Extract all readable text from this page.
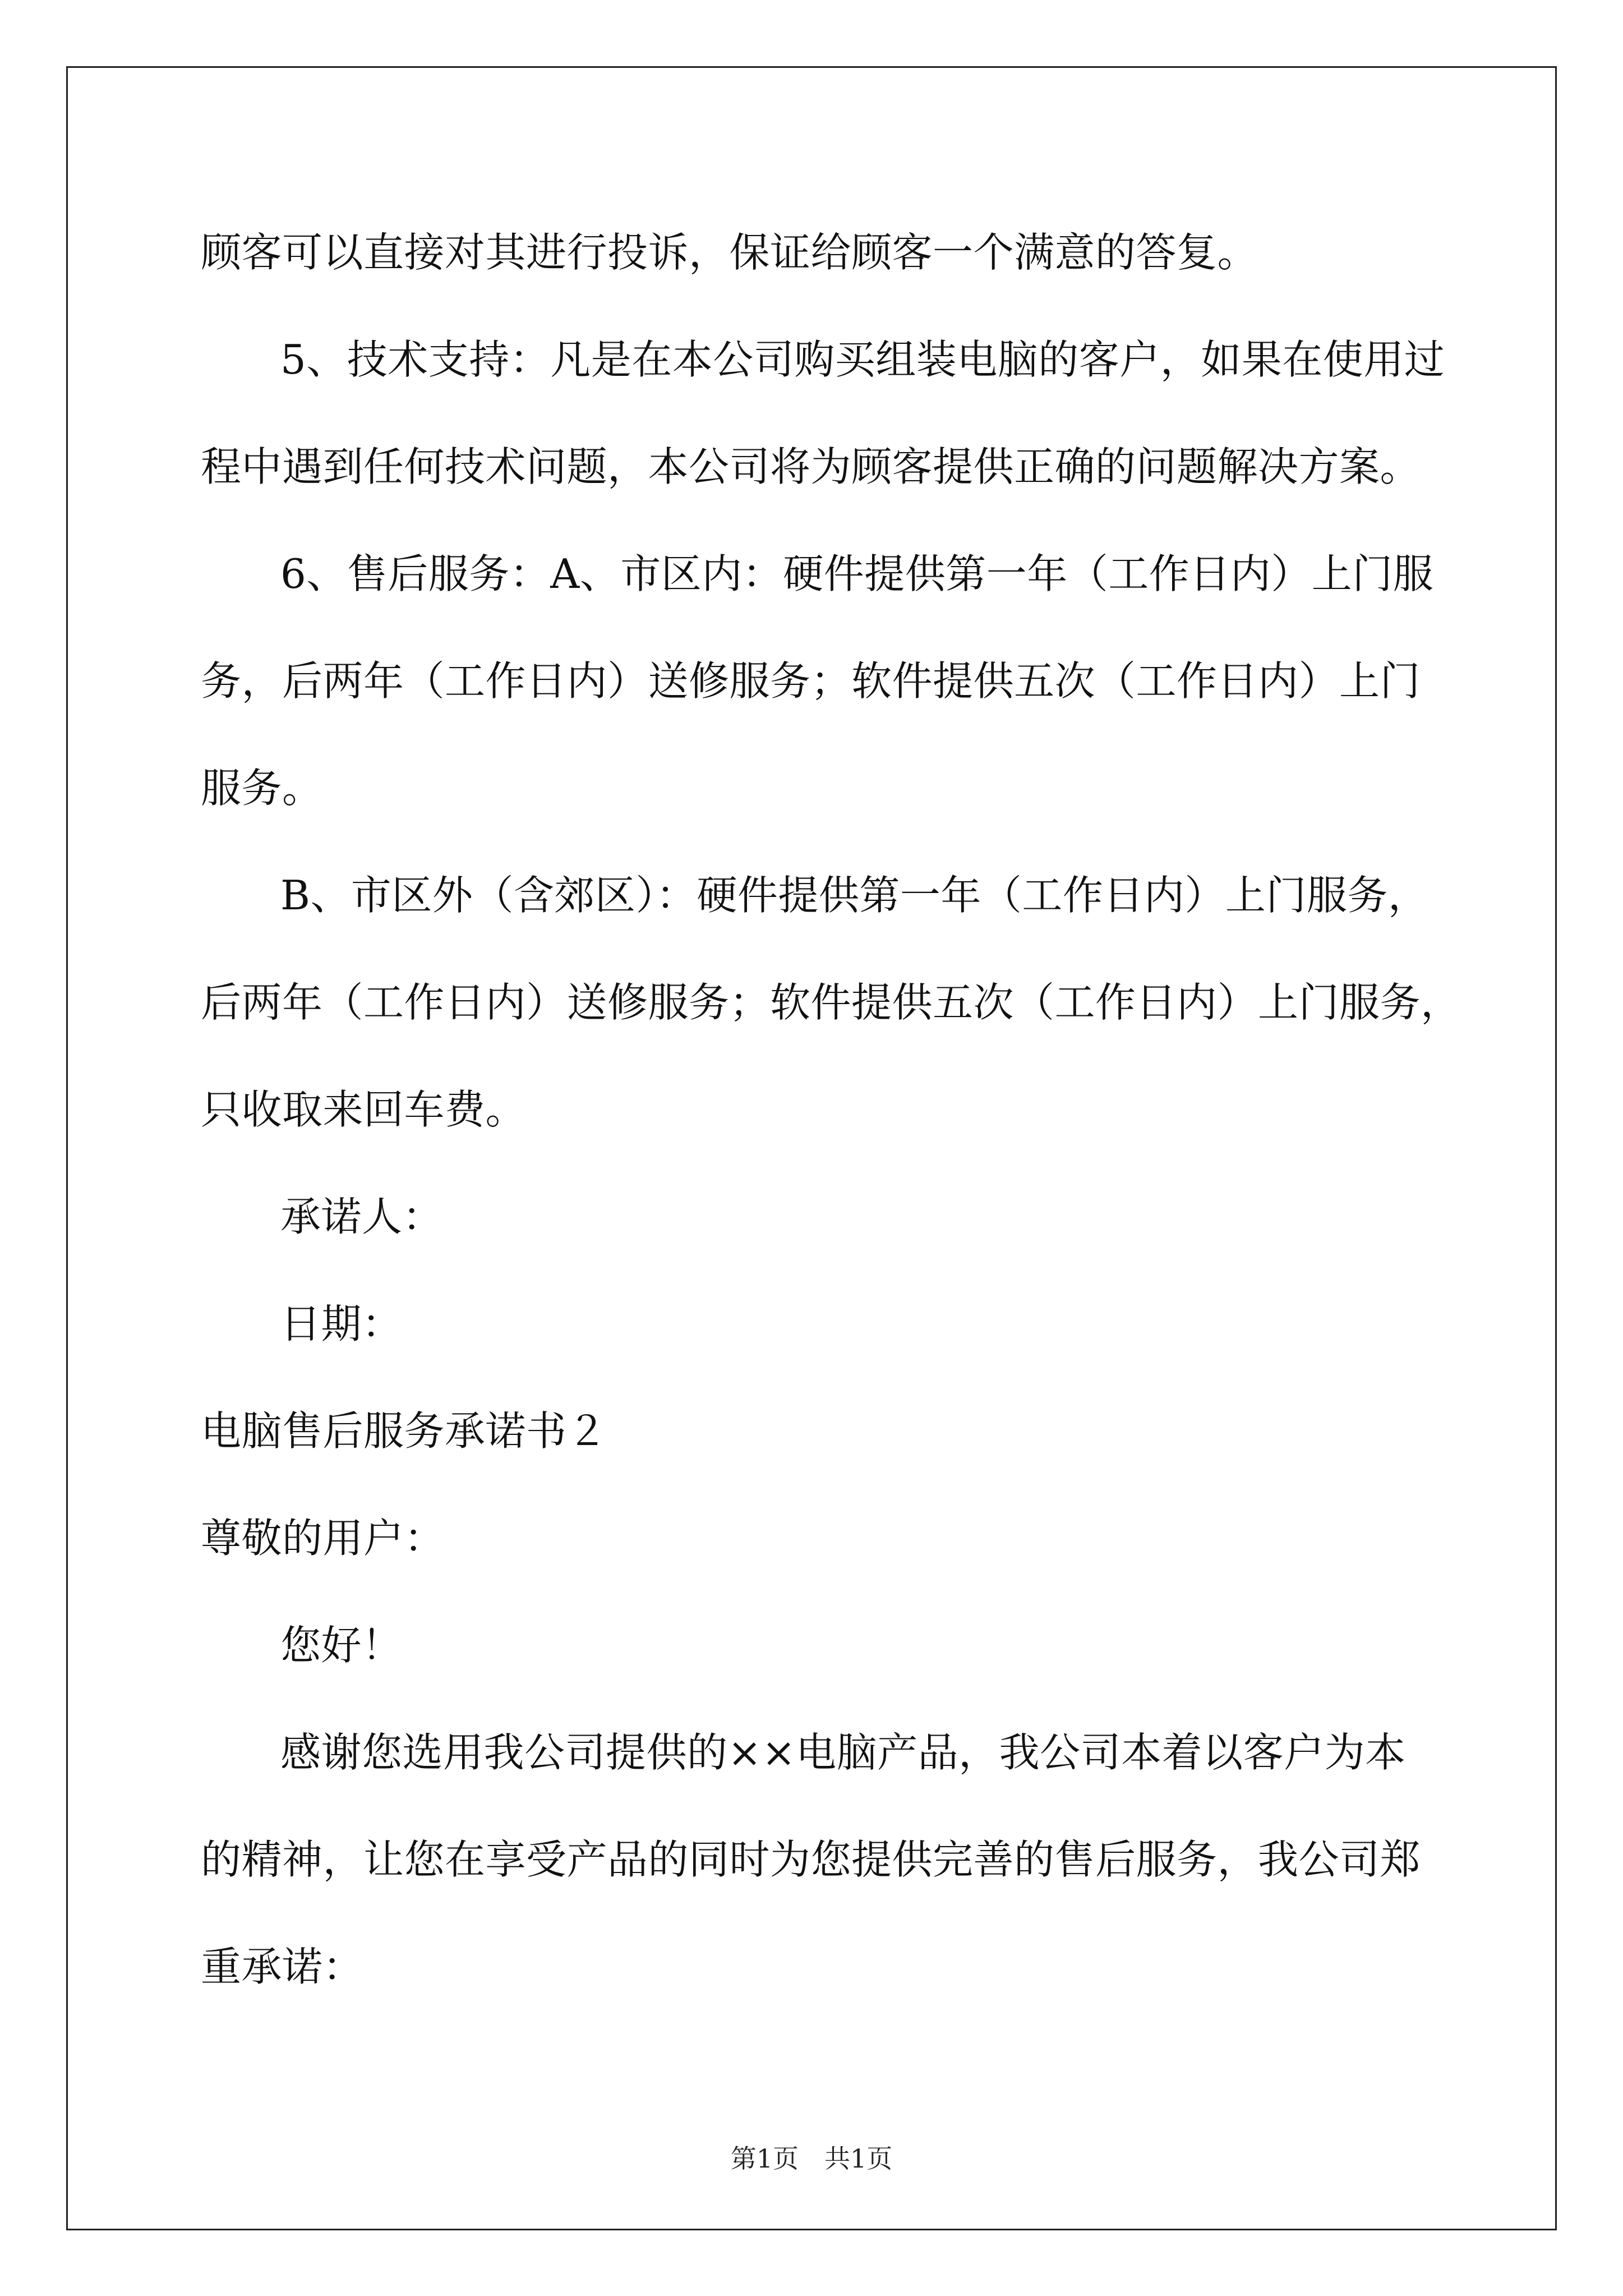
顾客可以直接对其进行投诉，保证给顾客一个满意的答复。
5、技术支持：凡是在本公司购买组装电脑的客户，如果在使用过
程中遇到任何技术问题，本公司将为顾客提供正确的问题解决方案。
6、售后服务：A、市区内：硬件提供第一年（工作日内）上门服
务，后两年（工作日内）送修服务；软件提供五次（工作日内）上门
服务。
B、市区外（含郊区）：硬件提供第一年（工作日内）上门服务，
后两年（工作日内）送修服务；软件提供五次（工作日内）上门服务，
只收取来回车费。
承诺人：
日期：
电脑售后服务承诺书２
尊敬的用户：
您好！
感谢您选用我公司提供的××电脑产品，我公司本着以客户为本
的精神，让您在享受产品的同时为您提供完善的售后服务，我公司郑
重承诺：
第1页　共1页
